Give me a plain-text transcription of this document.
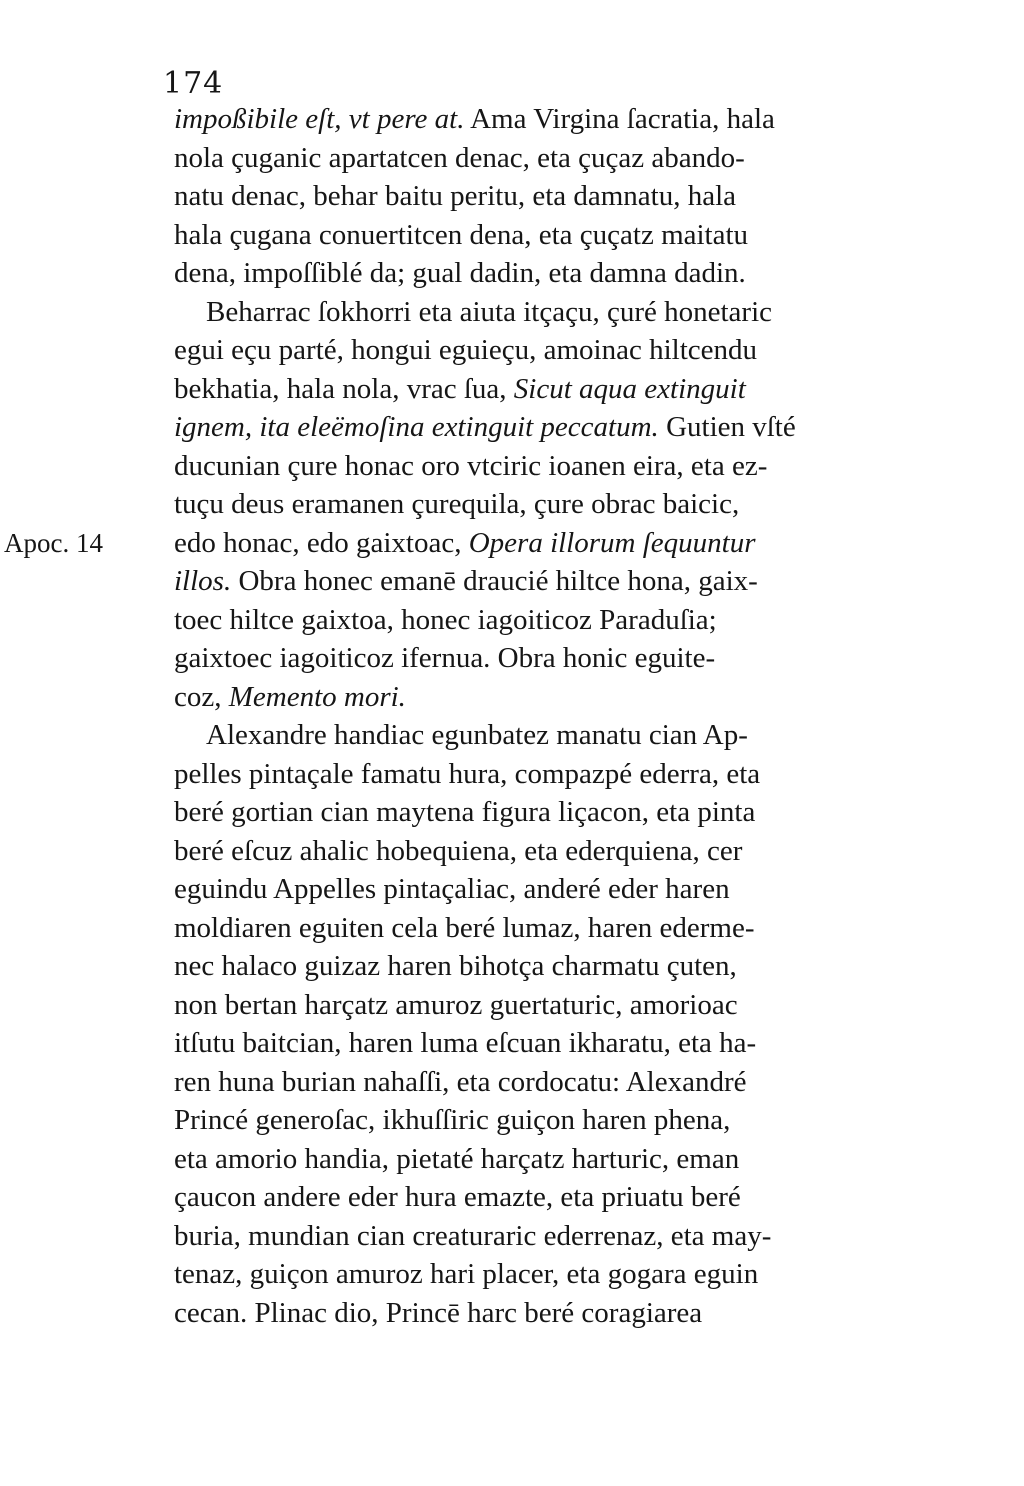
174
impoßibile eſt, vt pere at. Ama Virgina ſacratia, hala
nola çuganic apartatcen denac, eta çuçaz abando-
natu denac, behar baitu peritu, eta damnatu, hala
hala çugana conuertitcen dena, eta çuçatz maitatu
dena, impoſſiblé da; gual dadin, eta damna dadin.
Beharrac ſokhorri eta aiuta itçaçu, çuré honetaric
egui eçu parté, hongui eguieçu, amoinac hiltcendu
bekhatia, hala nola, vrac ſua, Sicut aqua extinguit
ignem, ita eleëmoſina extinguit peccatum. Gutien vſté
ducunian çure honac oro vtciric ioanen eira, eta ez-
tuçu deus eramanen çurequila, çure obrac baicic,
Apoc. 14 edo honac, edo gaixtoac, Opera illorum ſequuntur
illos. Obra honec emanē draucié hiltce hona, gaix-
toec hiltce gaixtoa, honec iagoiticoz Paraduſia;
gaixtoec iagoiticoz ifernua. Obra honic eguite-
coz, Memento mori.
Alexandre handiac egunbatez manatu cian Ap-
pelles pintaçale famatu hura, compazpé ederra, eta
beré gortian cian maytena figura liçacon, eta pinta
beré eſcuz ahalic hobequiena, eta ederquiena, cer
eguindu Appelles pintaçaliac, anderé eder haren
moldiaren eguiten cela beré lumaz, haren ederme-
nec halaco guizaz haren bihotça charmatu çuten,
non bertan harçatz amuroz guertaturic, amorioac
itſutu baitcian, haren luma eſcuan ikharatu, eta ha-
ren huna burian nahaſſi, eta cordocatu: Alexandré
Princé generoſac, ikhuſſiric guiçon haren phena,
eta amorio handia, pietaté harçatz harturic, eman
çaucon andere eder hura emazte, eta priuatu beré
buria, mundian cian creaturaric ederrenaz, eta may-
tenaz, guiçon amuroz hari placer, eta gogara eguin
cecan. Plinac dio, Princē harc beré coragiarea
